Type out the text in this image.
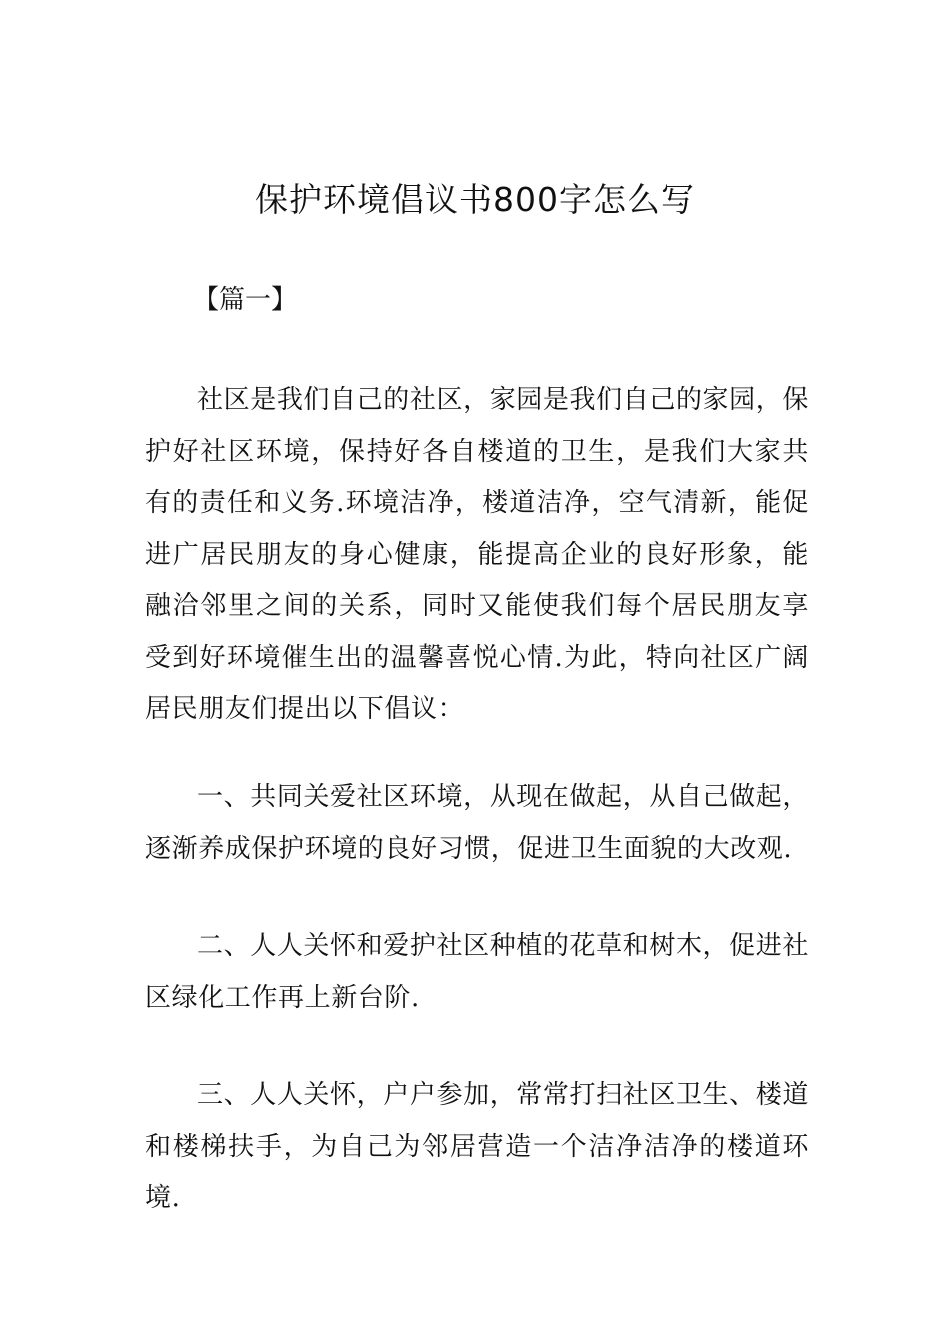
保护环境倡议书800字怎么写

【篇一】

社区是我们自己的社区，家园是我们自己的家园，保护好社区环境，保持好各自楼道的卫生，是我们大家共有的责任和义务.环境洁净，楼道洁净，空气清新，能促进广居民朋友的身心健康，能提高企业的良好形象，能融洽邻里之间的关系，同时又能使我们每个居民朋友享受到好环境催生出的温馨喜悦心情.为此，特向社区广阔居民朋友们提出以下倡议：

一、共同关爱社区环境，从现在做起，从自己做起，逐渐养成保护环境的良好习惯，促进卫生面貌的大改观.

二、人人关怀和爱护社区种植的花草和树木，促进社区绿化工作再上新台阶.

三、人人关怀，户户参加，常常打扫社区卫生、楼道和楼梯扶手，为自己为邻居营造一个洁净洁净的楼道环境.
